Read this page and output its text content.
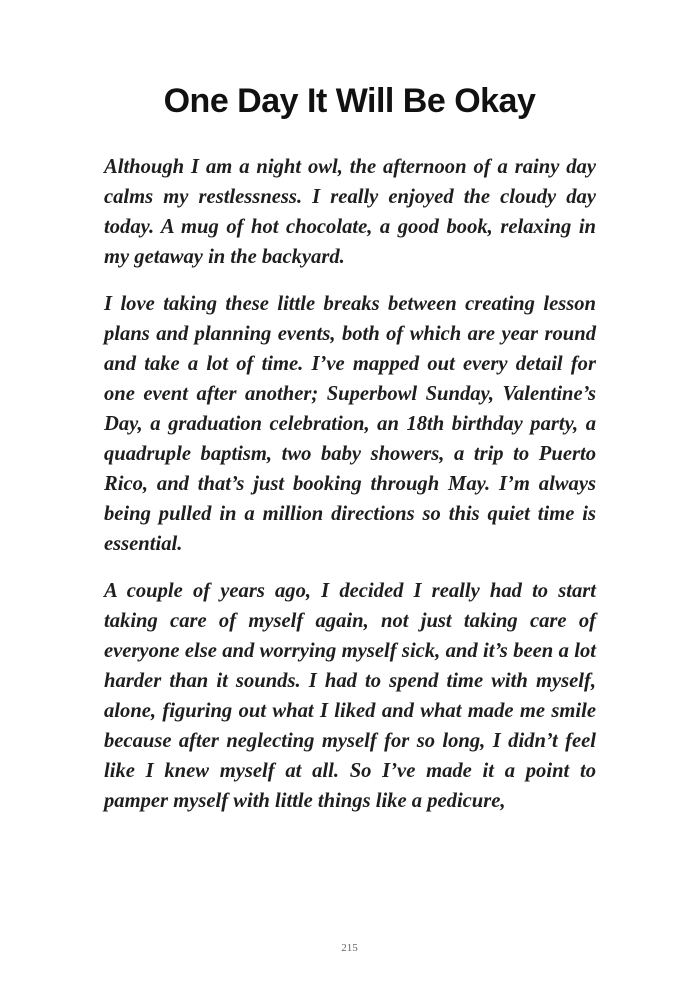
One Day It Will Be Okay

Although I am a night owl, the afternoon of a rainy day calms my restlessness. I really enjoyed the cloudy day today. A mug of hot chocolate, a good book, relaxing in my getaway in the backyard.

I love taking these little breaks between creating lesson plans and planning events, both of which are year round and take a lot of time. I’ve mapped out every detail for one event after another; Superbowl Sunday, Valentine’s Day, a graduation celebration, an 18th birthday party, a quadruple baptism, two baby showers, a trip to Puerto Rico, and that’s just booking through May. I’m always being pulled in a million directions so this quiet time is essential.

A couple of years ago, I decided I really had to start taking care of myself again, not just taking care of everyone else and worrying myself sick, and it’s been a lot harder than it sounds. I had to spend time with myself, alone, figuring out what I liked and what made me smile because after neglecting myself for so long, I didn’t feel like I knew myself at all. So I’ve made it a point to pamper myself with little things like a pedicure,

215
